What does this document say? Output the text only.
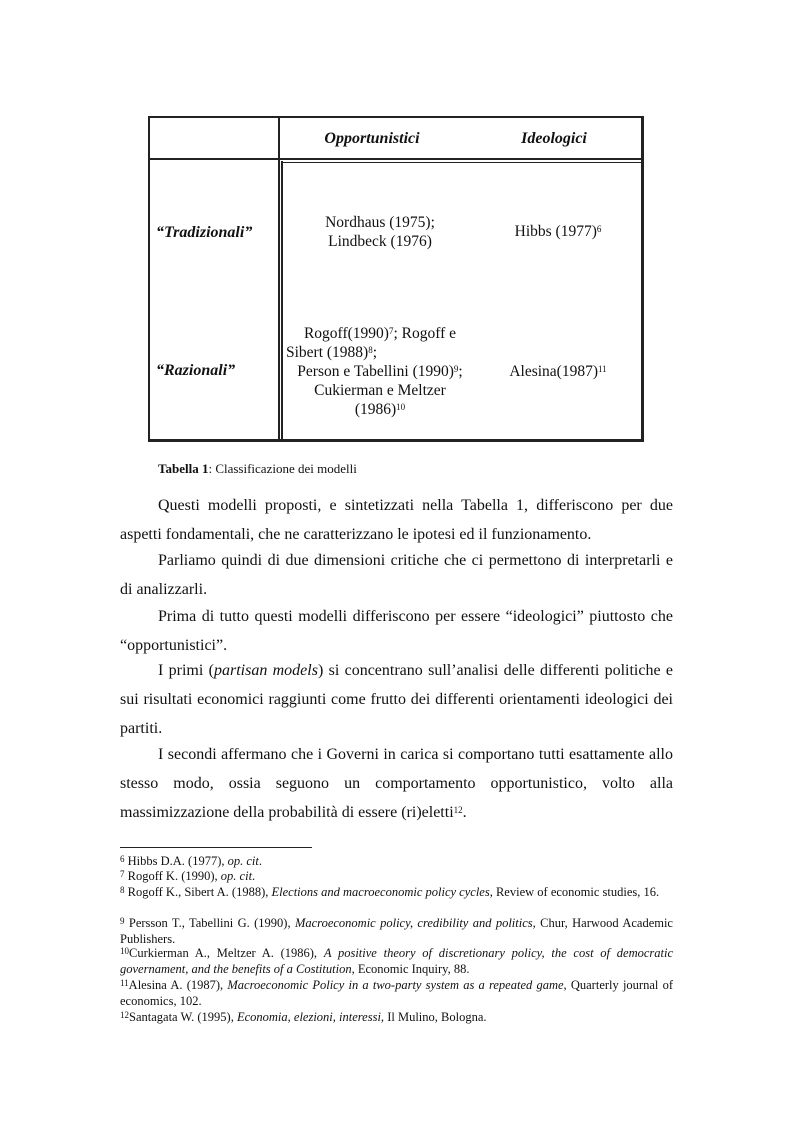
Opportunistici	Ideologici
“Tradizionali”
Nordhaus (1975);
Lindbeck (1976)
Hibbs $(1977)^6$
“Razionali”
$Rogoff(1990)^7$; Rogoff e
Sibert $(1988)^8$;
Person e Tabellini $(1990)^9$;
Cukierman e Meltzer
$(1986)^{10}$
$Alesina(1987)^{11}$
Tabella 1: Classificazione dei modelli

Questi modelli proposti, e sintetizzati nella Tabella 1, differiscono per due aspetti fondamentali, che ne caratterizzano le ipotesi ed il funzionamento.

Parliamo quindi di due dimensioni critiche che ci permettono di interpretarli e di analizzarli.

Prima di tutto questi modelli differiscono per essere “ideologici” piuttosto che “opportunistici”.

I primi (partisan models) si concentrano sull’analisi delle differenti politiche e sui risultati economici raggiunti come frutto dei differenti orientamenti ideologici dei partiti.

I secondi affermano che i Governi in carica si comportano tutti esattamente allo stesso modo, ossia seguono un comportamento opportunistico, volto alla massimizzazione della probabilità di essere (ri)eletti$^{12}$.

$^6$ Hibbs D.A. (1977), op. cit.

$^7$ Rogoff K. (1990), op. cit.

$^8$ Rogoff K., Sibert A. (1988), Elections and macroeconomic policy cycles, Review of economic studies, 16.

$^9$ Persson T., Tabellini G. (1990), Macroeconomic policy, credibility and politics, Chur, Harwood Academic Publishers.

$^{10}$Curkierman A., Meltzer A. (1986), A positive theory of discretionary policy, the cost of democratic governament, and the benefits of a Costitution, Economic Inquiry, 88.

$^{11}$Alesina A. (1987), Macroeconomic Policy in a two-party system as a repeated game, Quarterly journal of economics, 102.

$^{12}$Santagata W. (1995), Economia, elezioni, interessi, Il Mulino, Bologna.
